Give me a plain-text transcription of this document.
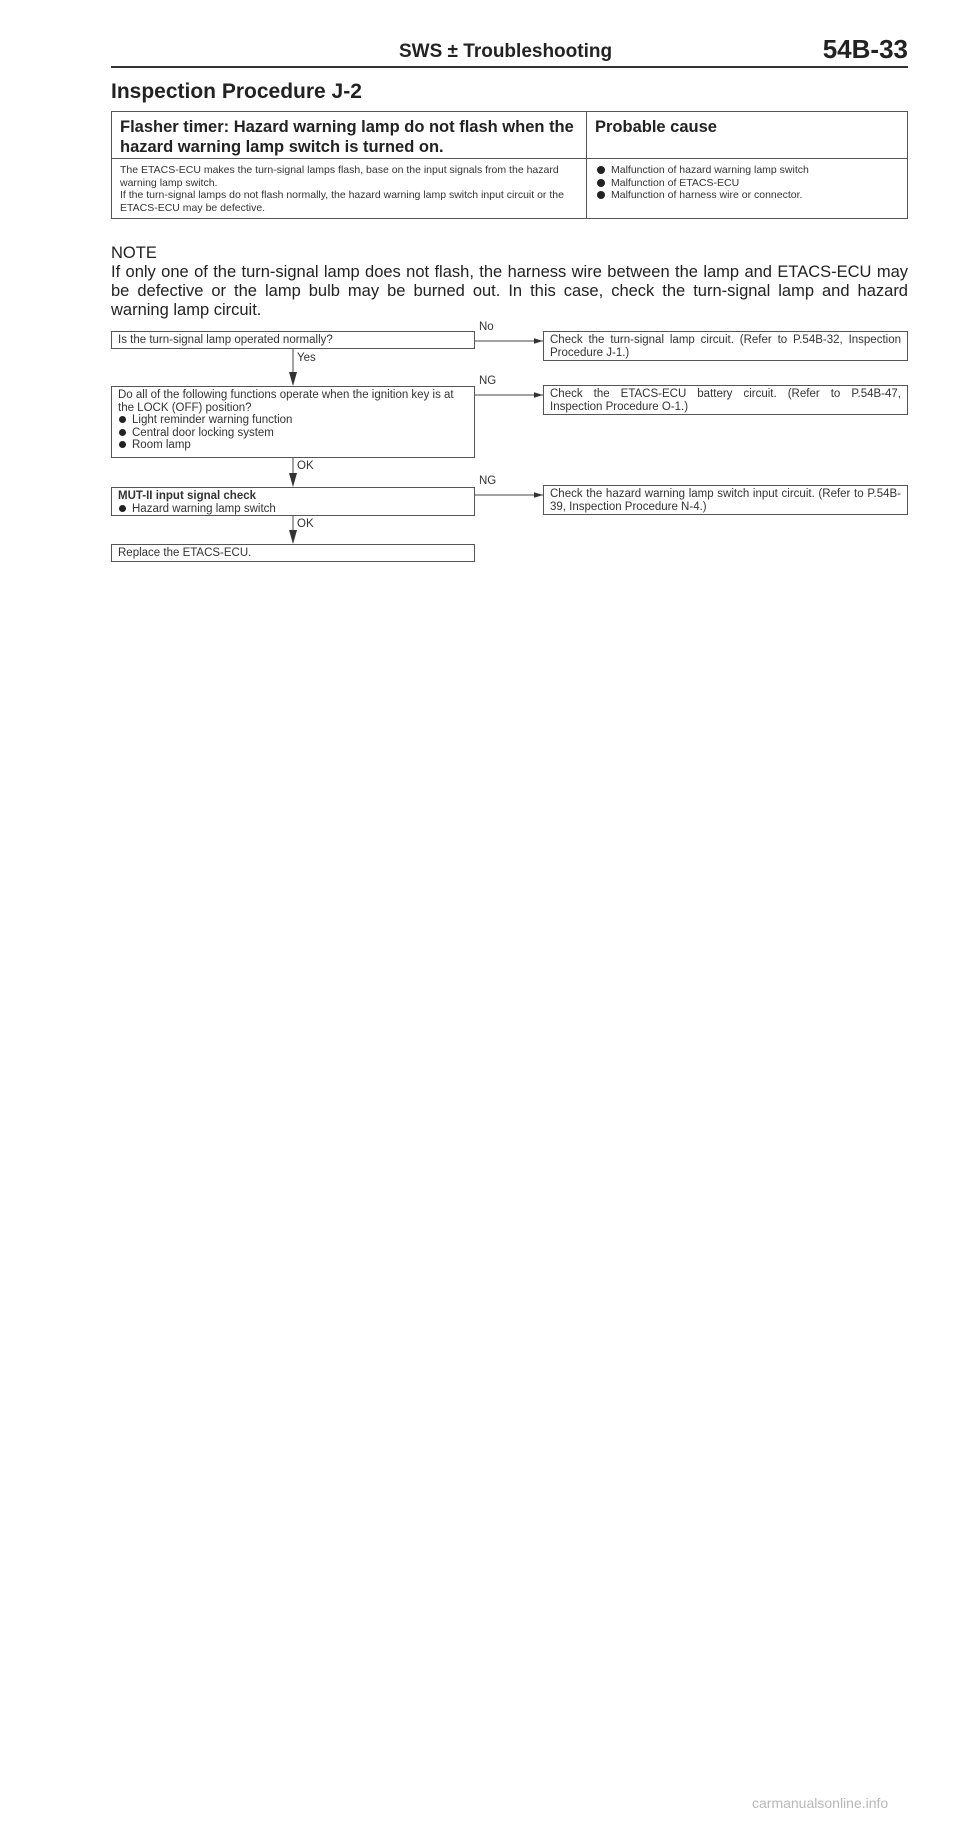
SWS ± Troubleshooting	54B-33
Inspection Procedure J-2
Flasher timer: Hazard warning lamp do not flash when the hazard warning lamp switch is turned on.
Probable cause

The ETACS-ECU makes the turn-signal lamps flash, base on the input signals from the hazard warning lamp switch.

If the turn-signal lamps do not flash normally, the hazard warning lamp switch input circuit or the ETACS-ECU may be defective.

Malfunction of hazard warning lamp switch
Malfunction of ETACS-ECU
Malfunction of harness wire or connector.
NOTE
If only one of the turn-signal lamp does not flash, the harness wire between the lamp and ETACS-ECU may be defective or the lamp bulb may be burned out. In this case, check the turn-signal lamp and hazard warning lamp circuit.

Is the turn-signal lamp operated normally?

No

Check the turn-signal lamp circuit. (Refer to P.54B-32, Inspection Procedure J-1.)

Yes

Do all of the following functions operate when the ignition key is at the LOCK (OFF) position?

Light reminder warning function
Central door locking system
Room lamp
NG

Check the ETACS-ECU battery circuit. (Refer to P.54B-47, Inspection Procedure O-1.)

OK

MUT-II input signal check

Hazard warning lamp switch
NG

Check the hazard warning lamp switch input circuit. (Refer to P.54B-39, Inspection Procedure N-4.)

OK

Replace the ETACS-ECU.

carmanualsonline.info
